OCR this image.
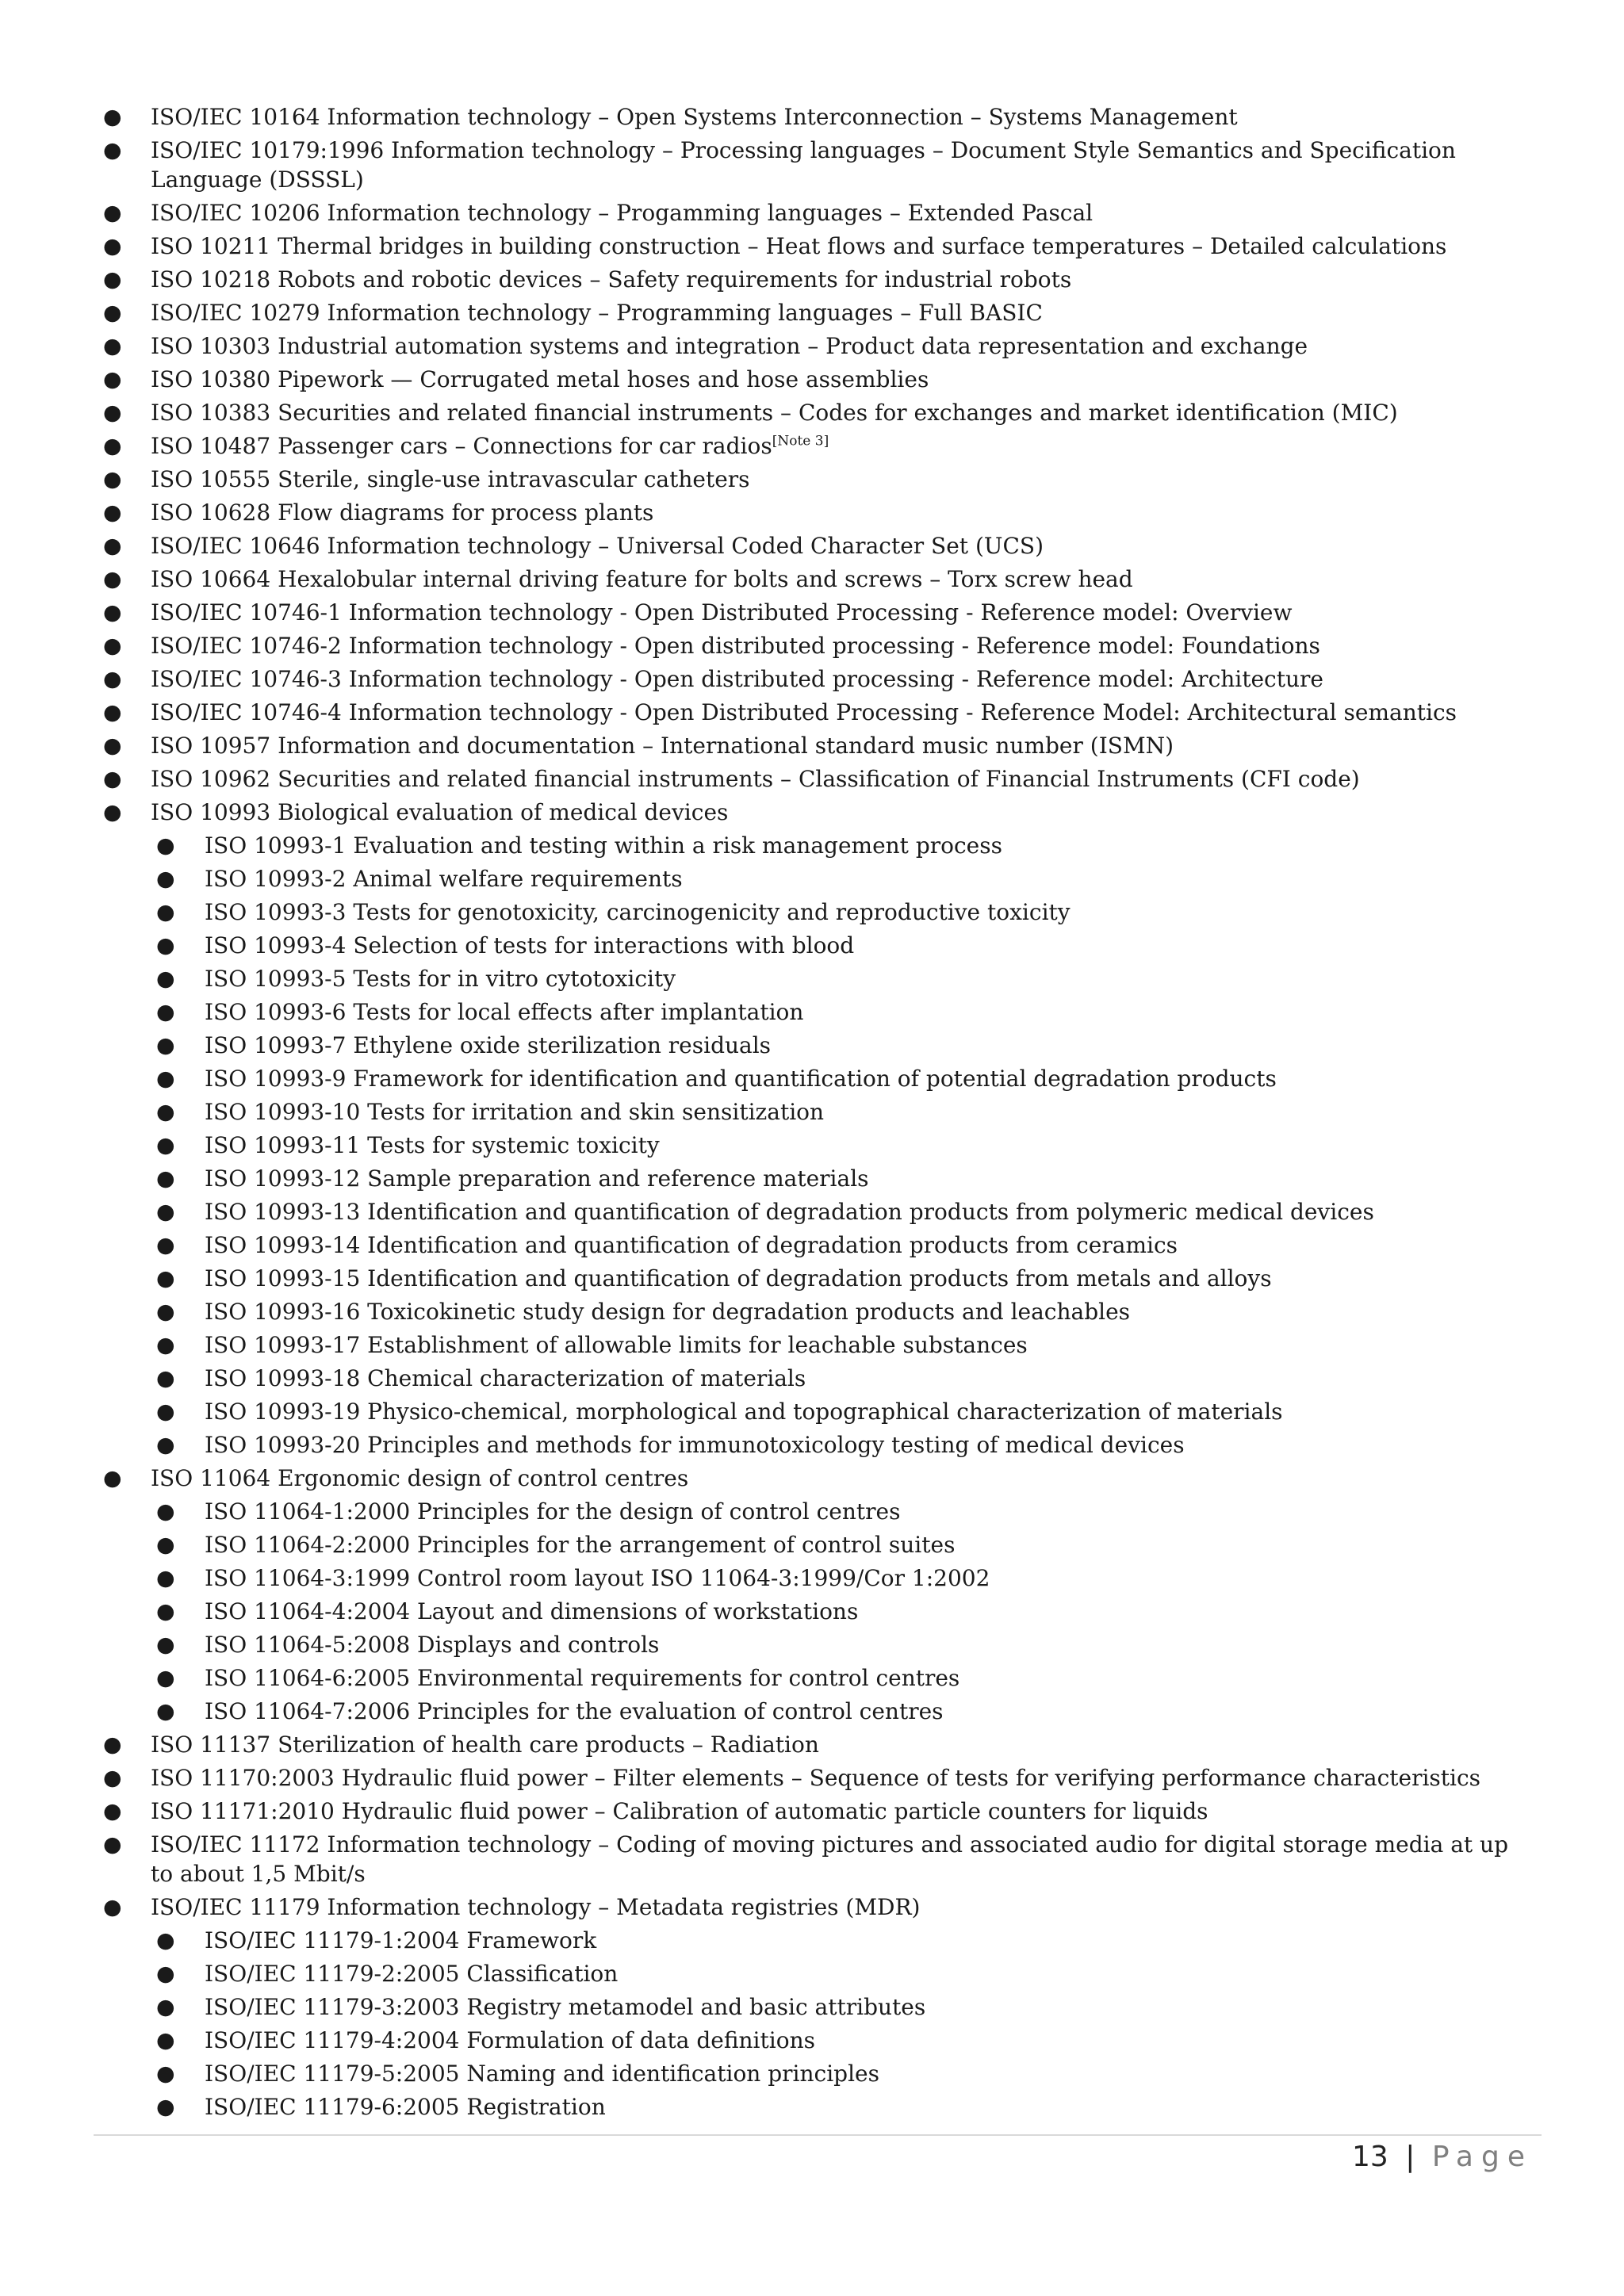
● ISO/IEC 10164 Information technology – Open Systems Interconnection – Systems Management
● ISO/IEC 10179:1996 Information technology – Processing languages – Document Style Semantics and Specification Language (DSSSL)
● ISO/IEC 10206 Information technology – Progamming languages – Extended Pascal
● ISO 10211 Thermal bridges in building construction – Heat flows and surface temperatures – Detailed calculations
● ISO 10218 Robots and robotic devices – Safety requirements for industrial robots
● ISO/IEC 10279 Information technology – Programming languages – Full BASIC
● ISO 10303 Industrial automation systems and integration – Product data representation and exchange
● ISO 10380 Pipework — Corrugated metal hoses and hose assemblies
● ISO 10383 Securities and related financial instruments – Codes for exchanges and market identification (MIC)
● ISO 10487 Passenger cars – Connections for car radios[Note 3]
● ISO 10555 Sterile, single-use intravascular catheters
● ISO 10628 Flow diagrams for process plants
● ISO/IEC 10646 Information technology – Universal Coded Character Set (UCS)
● ISO 10664 Hexalobular internal driving feature for bolts and screws – Torx screw head
● ISO/IEC 10746-1 Information technology - Open Distributed Processing - Reference model: Overview
● ISO/IEC 10746-2 Information technology - Open distributed processing - Reference model: Foundations
● ISO/IEC 10746-3 Information technology - Open distributed processing - Reference model: Architecture
● ISO/IEC 10746-4 Information technology - Open Distributed Processing - Reference Model: Architectural semantics
● ISO 10957 Information and documentation – International standard music number (ISMN)
● ISO 10962 Securities and related financial instruments – Classification of Financial Instruments (CFI code)
● ISO 10993 Biological evaluation of medical devices
● ISO 10993-1 Evaluation and testing within a risk management process
● ISO 10993-2 Animal welfare requirements
● ISO 10993-3 Tests for genotoxicity, carcinogenicity and reproductive toxicity
● ISO 10993-4 Selection of tests for interactions with blood
● ISO 10993-5 Tests for in vitro cytotoxicity
● ISO 10993-6 Tests for local effects after implantation
● ISO 10993-7 Ethylene oxide sterilization residuals
● ISO 10993-9 Framework for identification and quantification of potential degradation products
● ISO 10993-10 Tests for irritation and skin sensitization
● ISO 10993-11 Tests for systemic toxicity
● ISO 10993-12 Sample preparation and reference materials
● ISO 10993-13 Identification and quantification of degradation products from polymeric medical devices
● ISO 10993-14 Identification and quantification of degradation products from ceramics
● ISO 10993-15 Identification and quantification of degradation products from metals and alloys
● ISO 10993-16 Toxicokinetic study design for degradation products and leachables
● ISO 10993-17 Establishment of allowable limits for leachable substances
● ISO 10993-18 Chemical characterization of materials
● ISO 10993-19 Physico-chemical, morphological and topographical characterization of materials
● ISO 10993-20 Principles and methods for immunotoxicology testing of medical devices
● ISO 11064 Ergonomic design of control centres
● ISO 11064-1:2000 Principles for the design of control centres
● ISO 11064-2:2000 Principles for the arrangement of control suites
● ISO 11064-3:1999 Control room layout ISO 11064-3:1999/Cor 1:2002
● ISO 11064-4:2004 Layout and dimensions of workstations
● ISO 11064-5:2008 Displays and controls
● ISO 11064-6:2005 Environmental requirements for control centres
● ISO 11064-7:2006 Principles for the evaluation of control centres
● ISO 11137 Sterilization of health care products – Radiation
● ISO 11170:2003 Hydraulic fluid power – Filter elements – Sequence of tests for verifying performance characteristics
● ISO 11171:2010 Hydraulic fluid power – Calibration of automatic particle counters for liquids
● ISO/IEC 11172 Information technology – Coding of moving pictures and associated audio for digital storage media at up to about 1,5 Mbit/s
● ISO/IEC 11179 Information technology – Metadata registries (MDR)
● ISO/IEC 11179-1:2004 Framework
● ISO/IEC 11179-2:2005 Classification
● ISO/IEC 11179-3:2003 Registry metamodel and basic attributes
● ISO/IEC 11179-4:2004 Formulation of data definitions
● ISO/IEC 11179-5:2005 Naming and identification principles
● ISO/IEC 11179-6:2005 Registration
13 | Page
